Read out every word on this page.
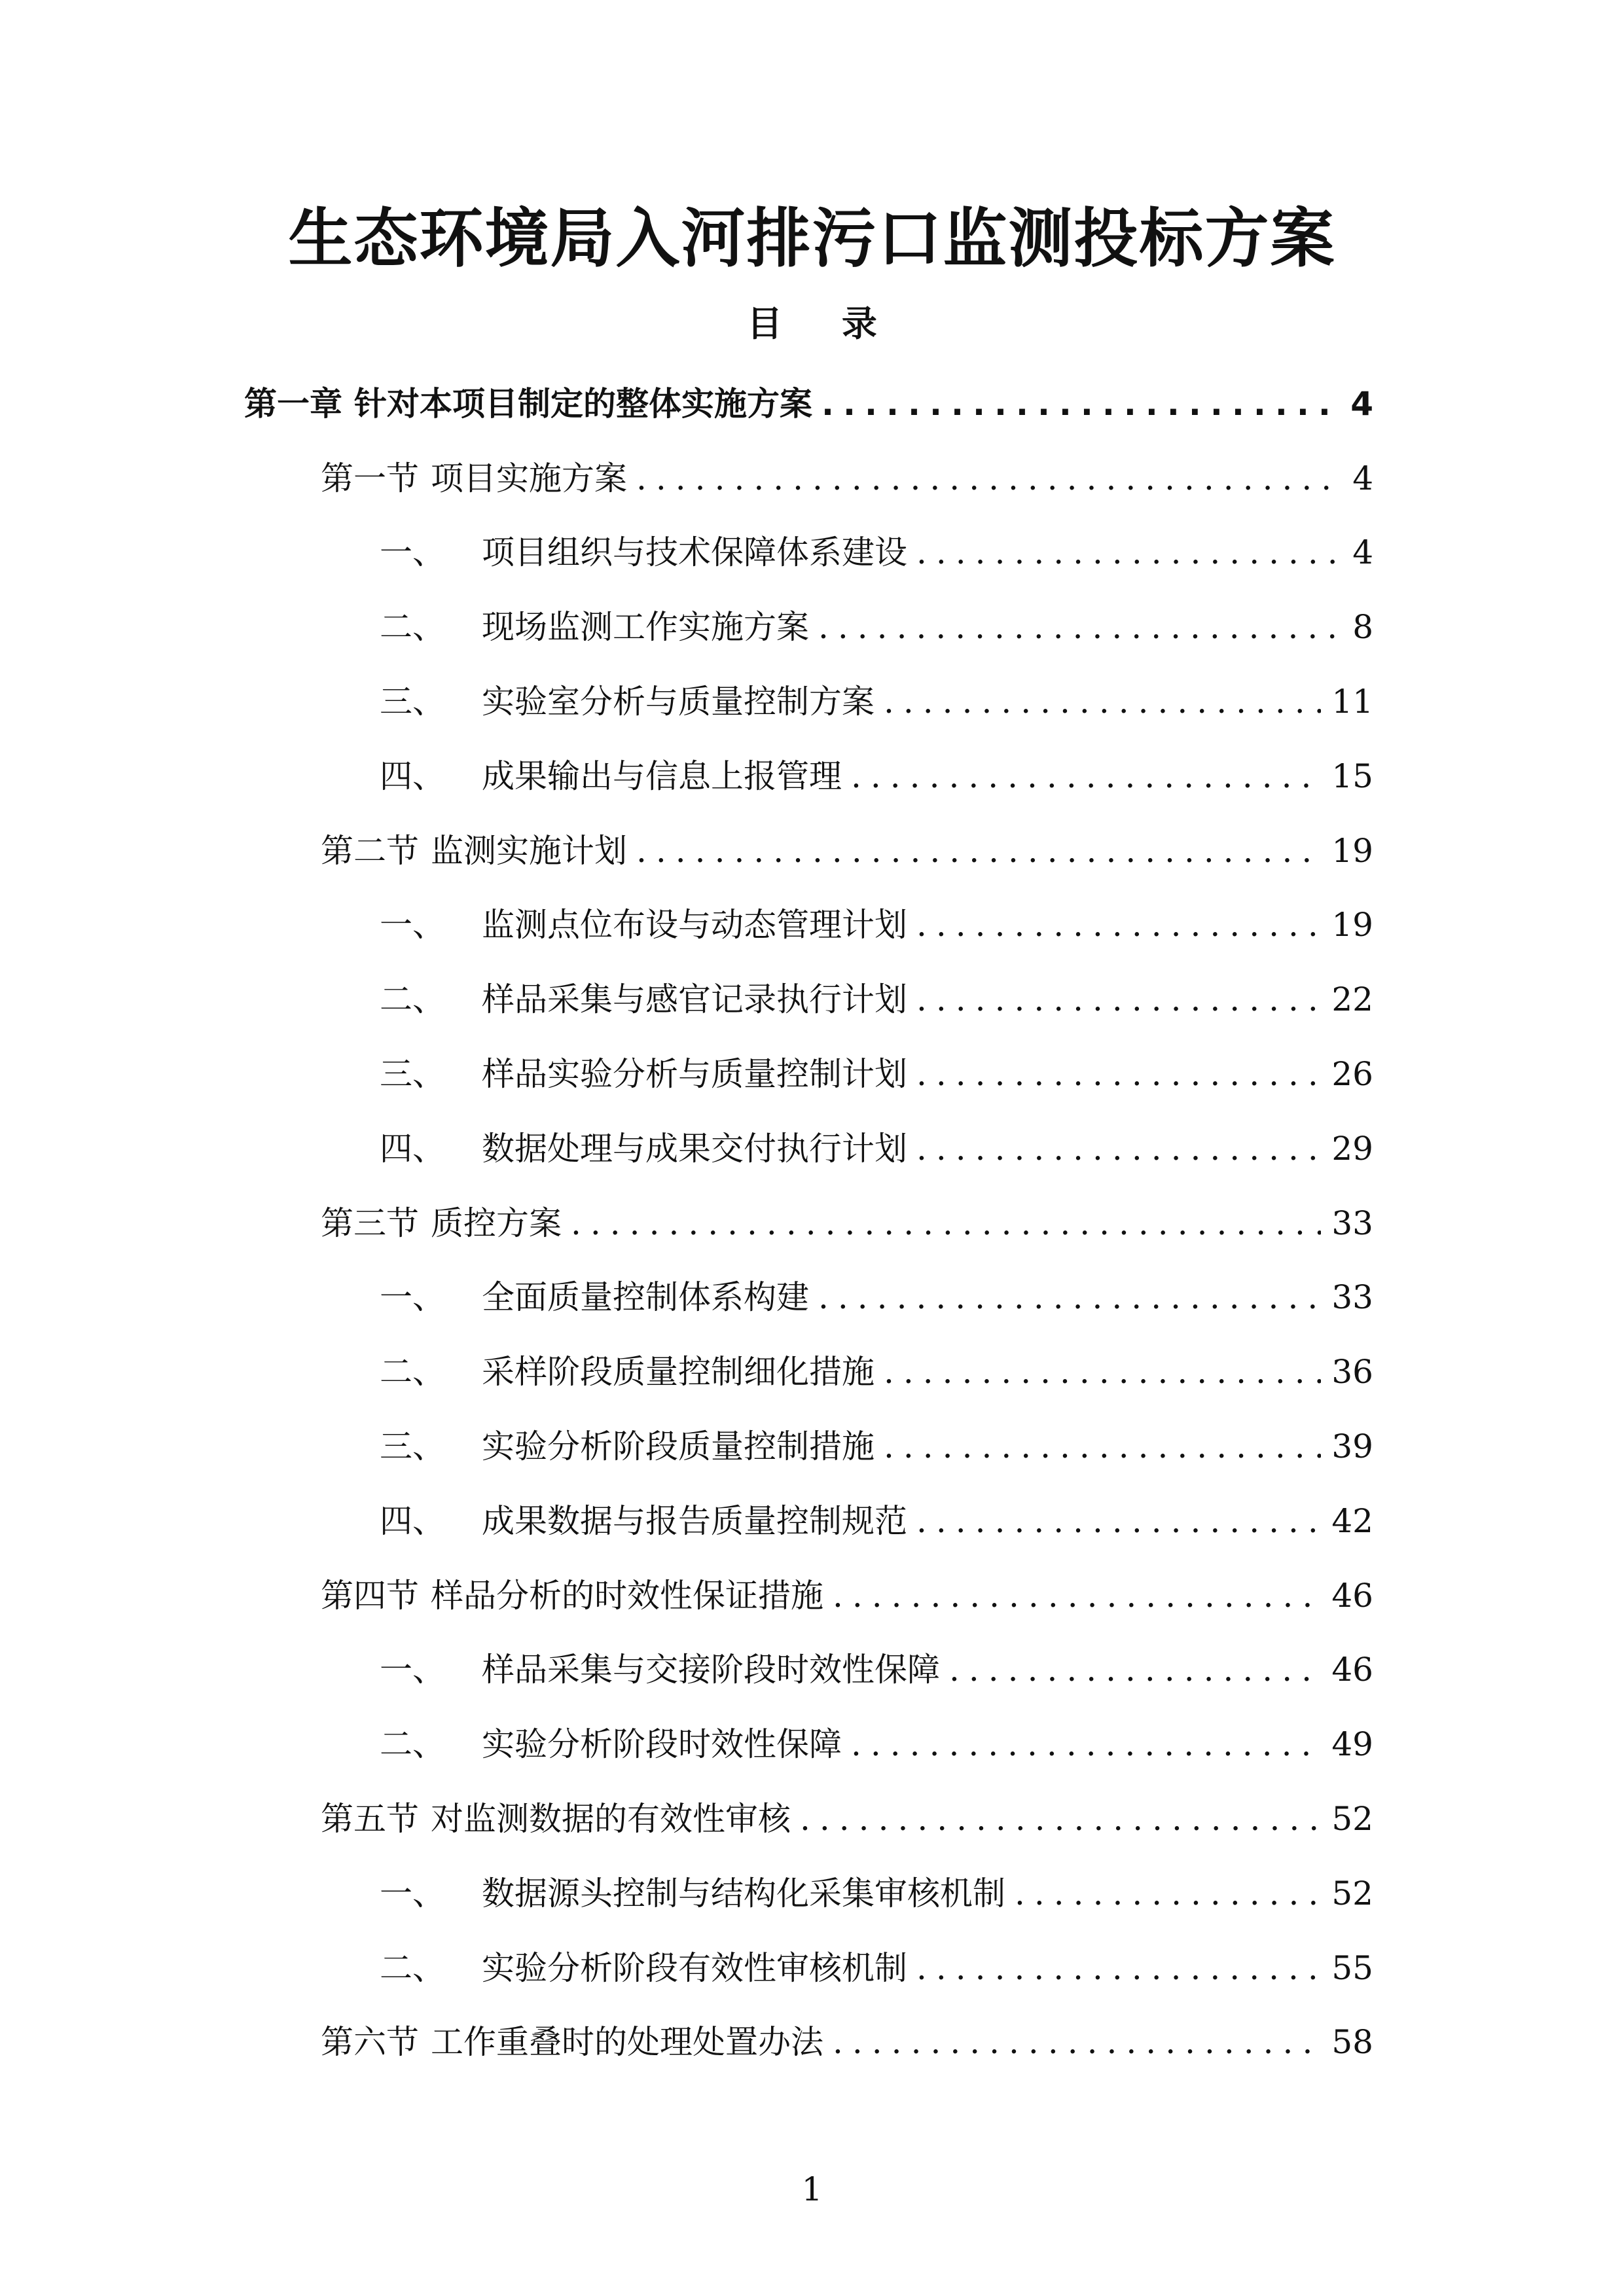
生态环境局入河排污口监测投标方案
目 录
第一章 针对本项目制定的整体实施方案 .....	4
第一节 项目实施方案 .....	4
一、 项目组织与技术保障体系建设 .....	4
二、 现场监测工作实施方案 .....	8
三、 实验室分析与质量控制方案 .....	11
四、 成果输出与信息上报管理 .....	15
第二节 监测实施计划 .....	19
一、 监测点位布设与动态管理计划 .....	19
二、 样品采集与感官记录执行计划 .....	22
三、 样品实验分析与质量控制计划 .....	26
四、 数据处理与成果交付执行计划 .....	29
第三节 质控方案 .....	33
一、 全面质量控制体系构建 .....	33
二、 采样阶段质量控制细化措施 .....	36
三、 实验分析阶段质量控制措施 .....	39
四、 成果数据与报告质量控制规范 .....	42
第四节 样品分析的时效性保证措施 .....	46
一、 样品采集与交接阶段时效性保障 .....	46
二、 实验分析阶段时效性保障 .....	49
第五节 对监测数据的有效性审核 .....	52
一、 数据源头控制与结构化采集审核机制 .....	52
二、 实验分析阶段有效性审核机制 .....	55
第六节 工作重叠时的处理处置办法 .....	58
1
